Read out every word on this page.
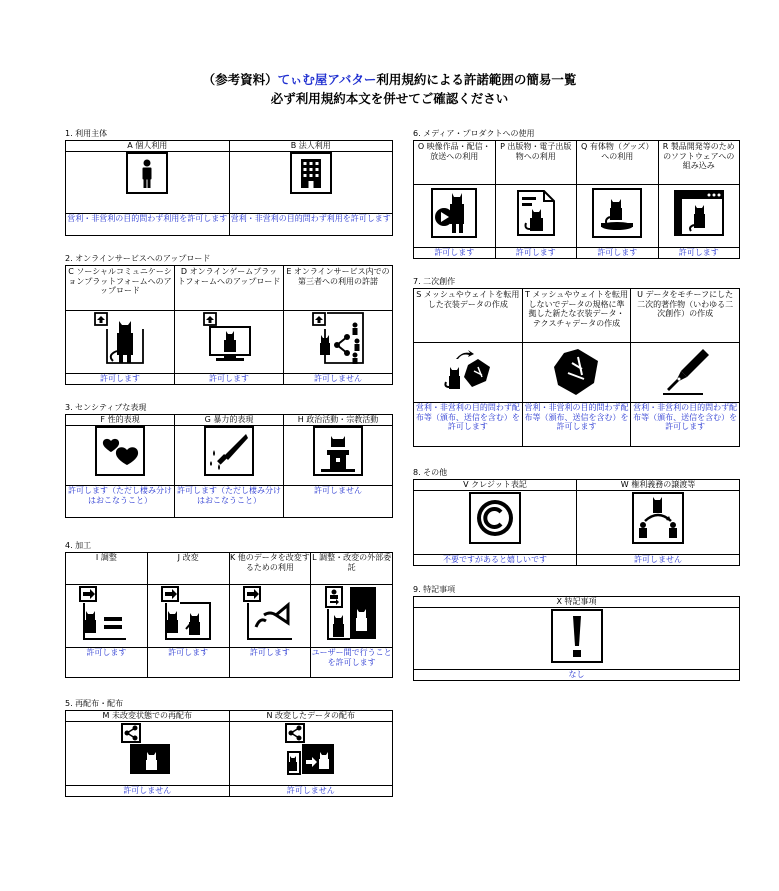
（参考資料）てぃむ屋アバター利用規約による許諾範囲の簡易一覧
必ず利用規約本文を併せてご確認ください
1. 利用主体
A 個人利用	B 法人利用

営利・非営利の目的問わず利用を許可します	営利・非営利の目的問わず利用を許可します
2. オンラインサービスへのアップロード
C ソーシャルコミュニケーションプラットフォームへのアップロード	D オンラインゲームプラットフォームへのアップロード	E オンラインサービス内での第三者への利用の許諾

許可します	許可します	許可しません
3. センシティブな表現
F 性的表現	G 暴力的表現	H 政治活動・宗教活動

許可します（ただし棲み分けはおこなうこと）	許可します（ただし棲み分けはおこなうこと）	許可しません
4. 加工
I 調整	J 改変	K 他のデータを改変するための利用	L 調整・改変の外部委託

許可します	許可します	許可します	ユーザー間で行うことを許可します
5. 再配布・配布
M 未改変状態での再配布	N 改変したデータの配布

許可しません	許可しません
6. メディア・プロダクトへの使用
O 映像作品・配信・放送への利用	P 出版物・電子出版物への利用	Q 有体物（グッズ）への利用	R 製品開発等のためのソフトウェアへの組み込み

許可します	許可します	許可します	許可します
7. 二次創作
S メッシュやウェイトを転用した衣装データの作成	T メッシュやウェイトを転用しないでデータの規格に準拠した新たな衣装データ・テクスチャデータの作成	U データをモチーフにした二次的著作物（いわゆる二次創作）の作成

営利・非営利の目的問わず配布等（頒布、送信を含む）を許可します	営利・非営利の目的問わず配布等（頒布、送信を含む）を許可します	営利・非営利の目的問わず配布等（頒布、送信を含む）を許可します
8. その他
V クレジット表記	W 権利義務の譲渡等

不要ですがあると嬉しいです	許可しません
9. 特記事項
X 特記事項

なし
